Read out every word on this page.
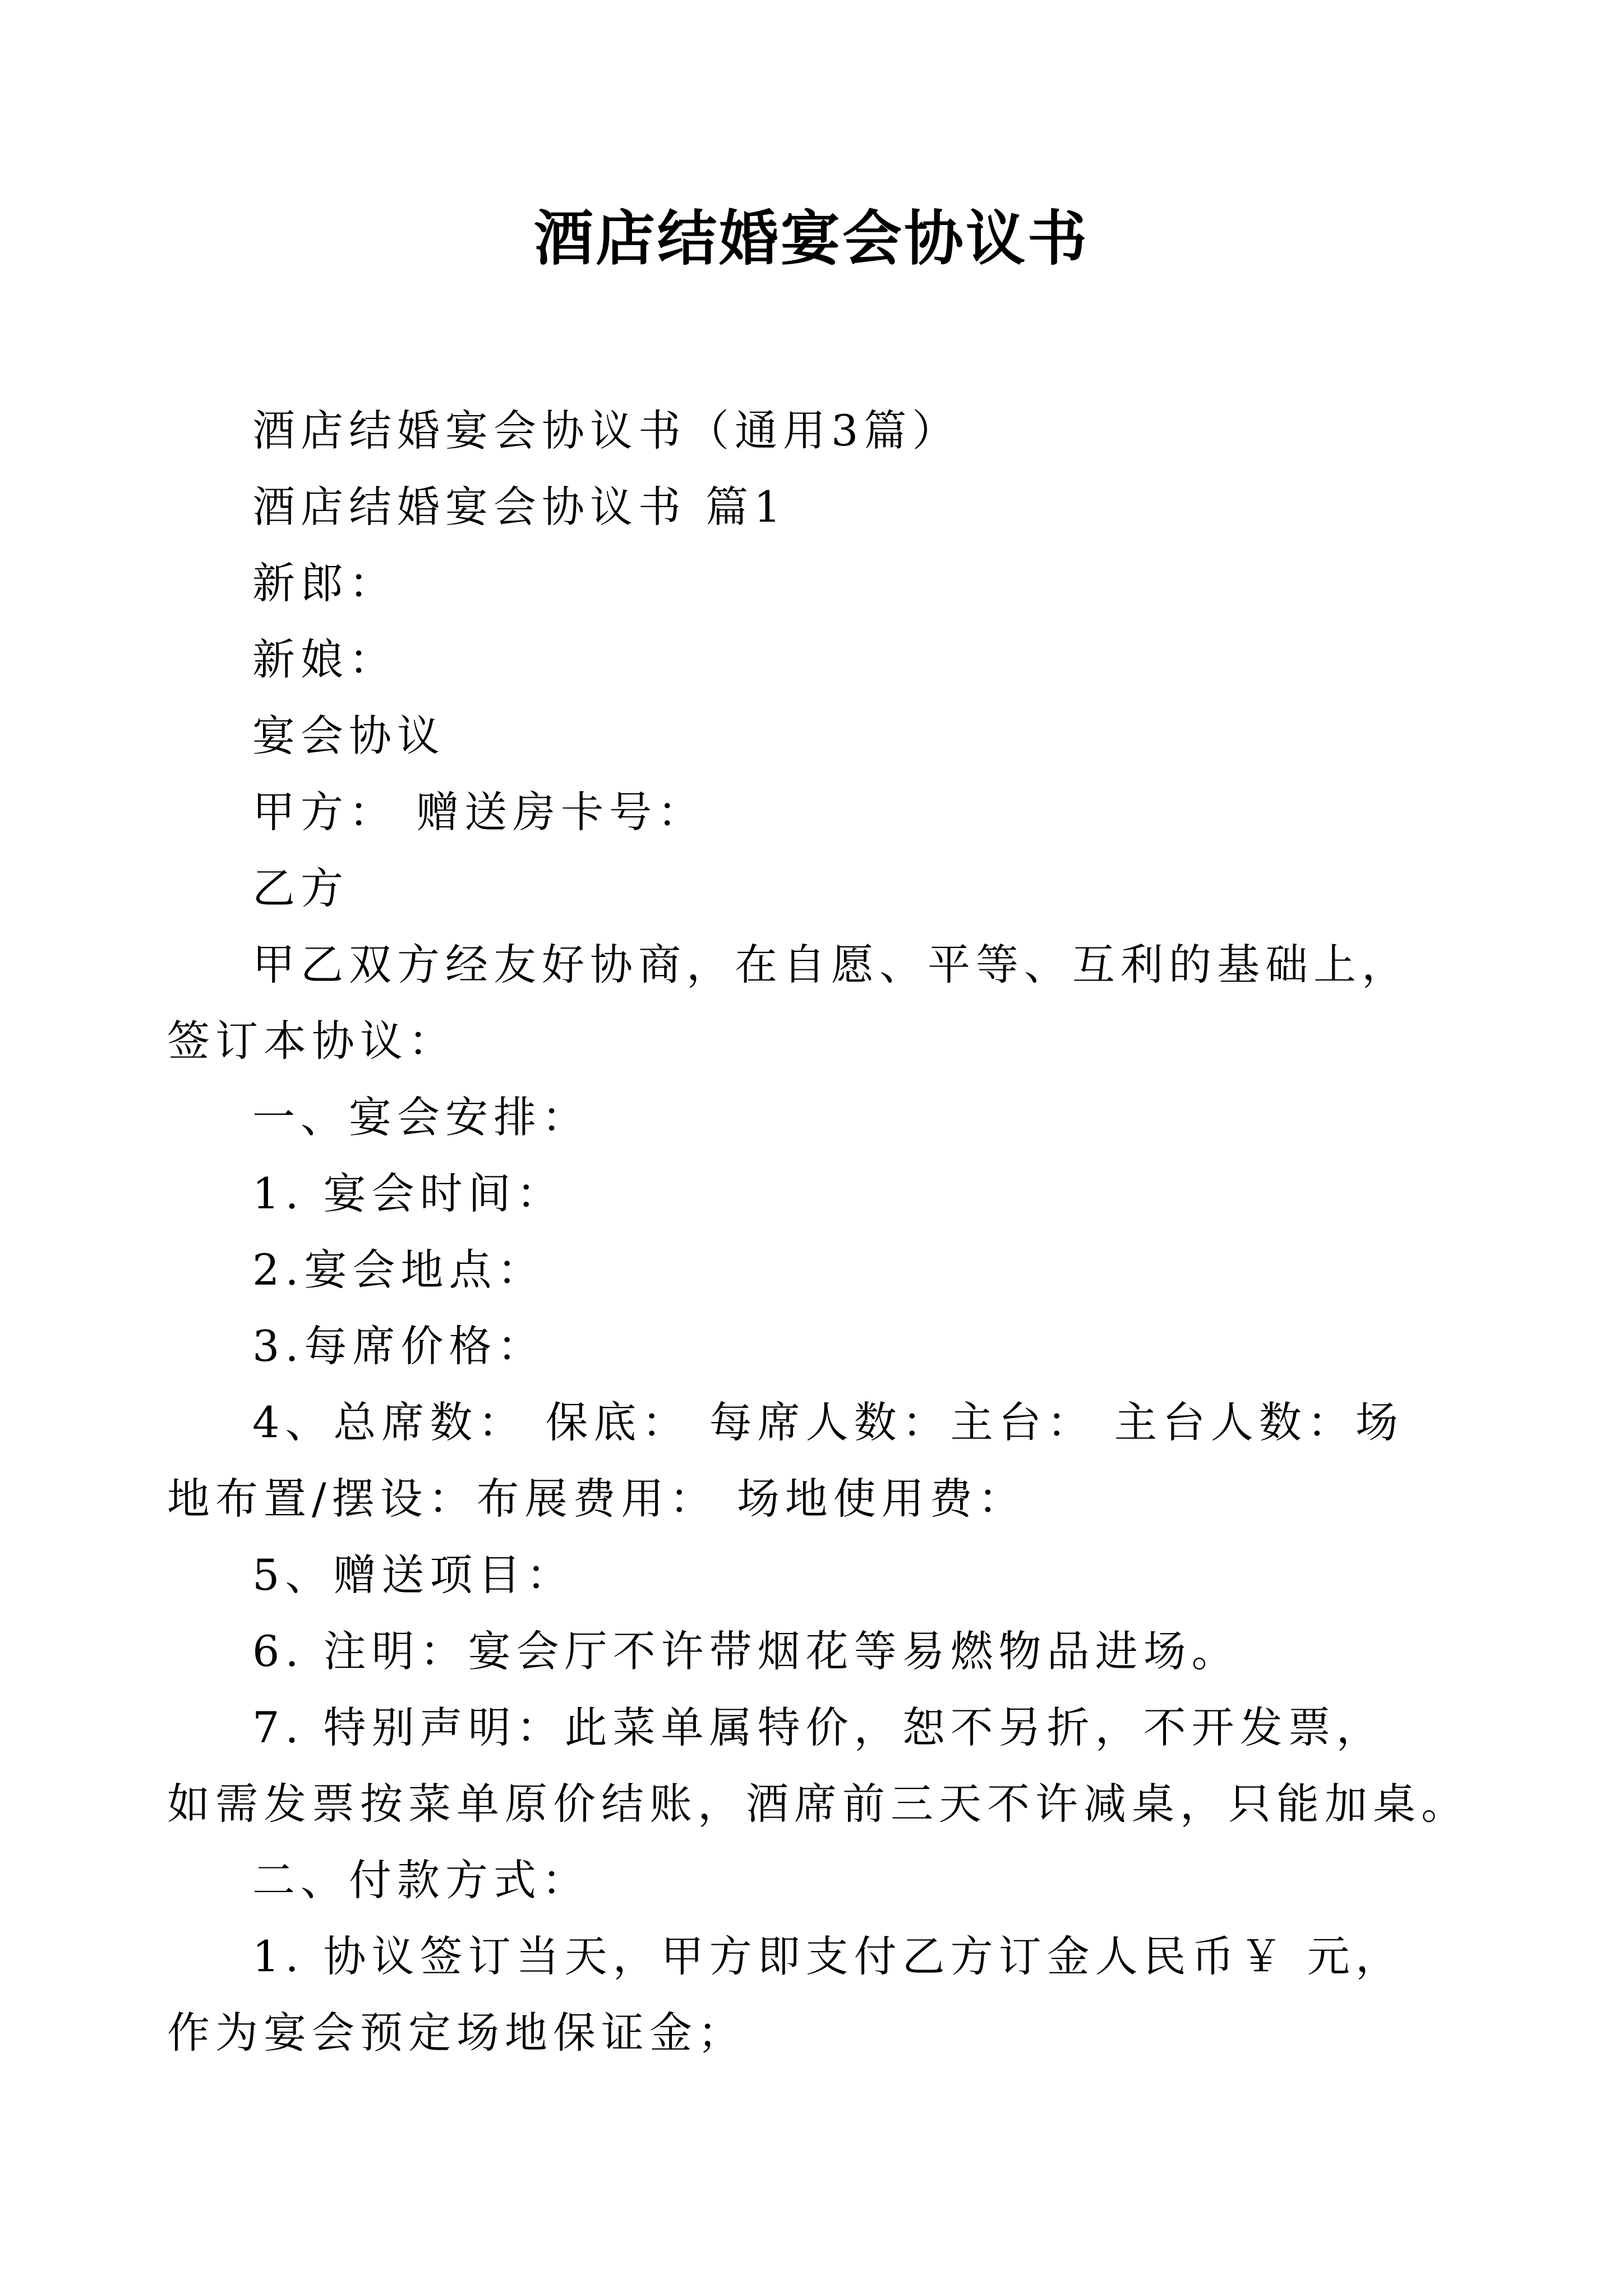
酒店结婚宴会协议书
酒店结婚宴会协议书（通用3篇）
酒店结婚宴会协议书 篇1
新郎：
新娘：
宴会协议
甲方： 赠送房卡号：
乙方
甲乙双方经友好协商，在自愿、平等、互利的基础上，
签订本协议：
一、宴会安排：
1. 宴会时间：
2.宴会地点：
3.每席价格：
4、总席数： 保底： 每席人数：主台： 主台人数：场
地布置/摆设：布展费用： 场地使用费：
5、赠送项目：
6. 注明：宴会厅不许带烟花等易燃物品进场。
7. 特别声明：此菜单属特价，恕不另折，不开发票，
如需发票按菜单原价结账，酒席前三天不许减桌，只能加桌。
二、付款方式：
1. 协议签订当天，甲方即支付乙方订金人民币￥ 元，
作为宴会预定场地保证金；
